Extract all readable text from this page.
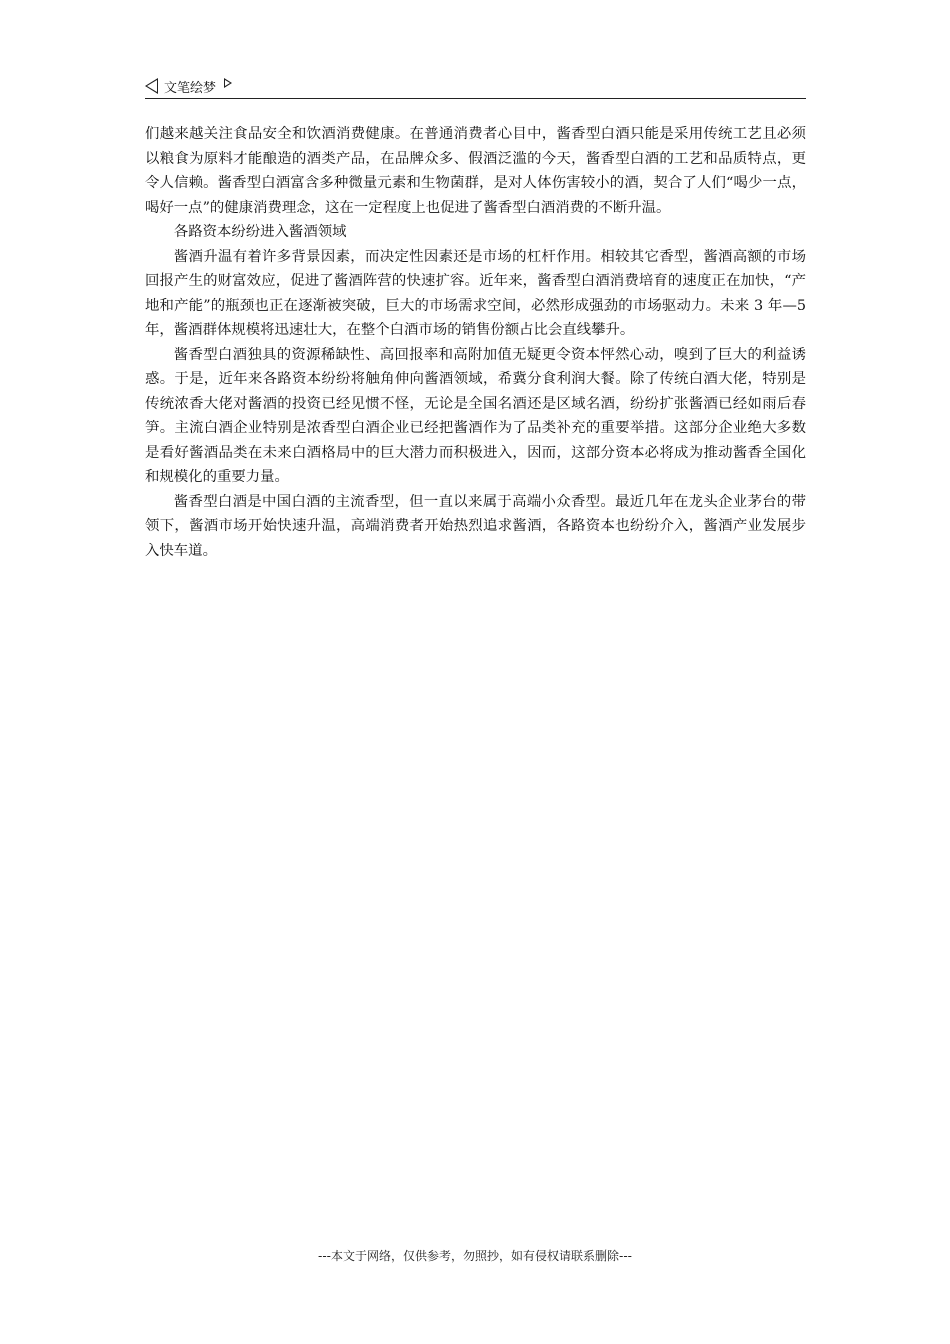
文笔绘梦

们越来越关注食品安全和饮酒消费健康。在普通消费者心目中，酱香型白酒只能是采用传统工艺且必须以粮食为原料才能酿造的酒类产品，在品牌众多、假酒泛滥的今天，酱香型白酒的工艺和品质特点，更令人信赖。酱香型白酒富含多种微量元素和生物菌群，是对人体伤害较小的酒，契合了人们“喝少一点，喝好一点”的健康消费理念，这在一定程度上也促进了酱香型白酒消费的不断升温。

各路资本纷纷进入酱酒领域

酱酒升温有着许多背景因素，而决定性因素还是市场的杠杆作用。相较其它香型，酱酒高额的市场回报产生的财富效应，促进了酱酒阵营的快速扩容。近年来，酱香型白酒消费培育的速度正在加快，“产地和产能”的瓶颈也正在逐渐被突破，巨大的市场需求空间，必然形成强劲的市场驱动力。未来 3 年—5 年，酱酒群体规模将迅速壮大，在整个白酒市场的销售份额占比会直线攀升。

酱香型白酒独具的资源稀缺性、高回报率和高附加值无疑更令资本怦然心动，嗅到了巨大的利益诱惑。于是，近年来各路资本纷纷将触角伸向酱酒领域，希冀分食利润大餐。除了传统白酒大佬，特别是传统浓香大佬对酱酒的投资已经见惯不怪，无论是全国名酒还是区域名酒，纷纷扩张酱酒已经如雨后春笋。主流白酒企业特别是浓香型白酒企业已经把酱酒作为了品类补充的重要举措。这部分企业绝大多数是看好酱酒品类在未来白酒格局中的巨大潜力而积极进入，因而，这部分资本必将成为推动酱香全国化和规模化的重要力量。

酱香型白酒是中国白酒的主流香型，但一直以来属于高端小众香型。最近几年在龙头企业茅台的带领下，酱酒市场开始快速升温，高端消费者开始热烈追求酱酒，各路资本也纷纷介入，酱酒产业发展步入快车道。

---本文于网络，仅供参考，勿照抄，如有侵权请联系删除---
